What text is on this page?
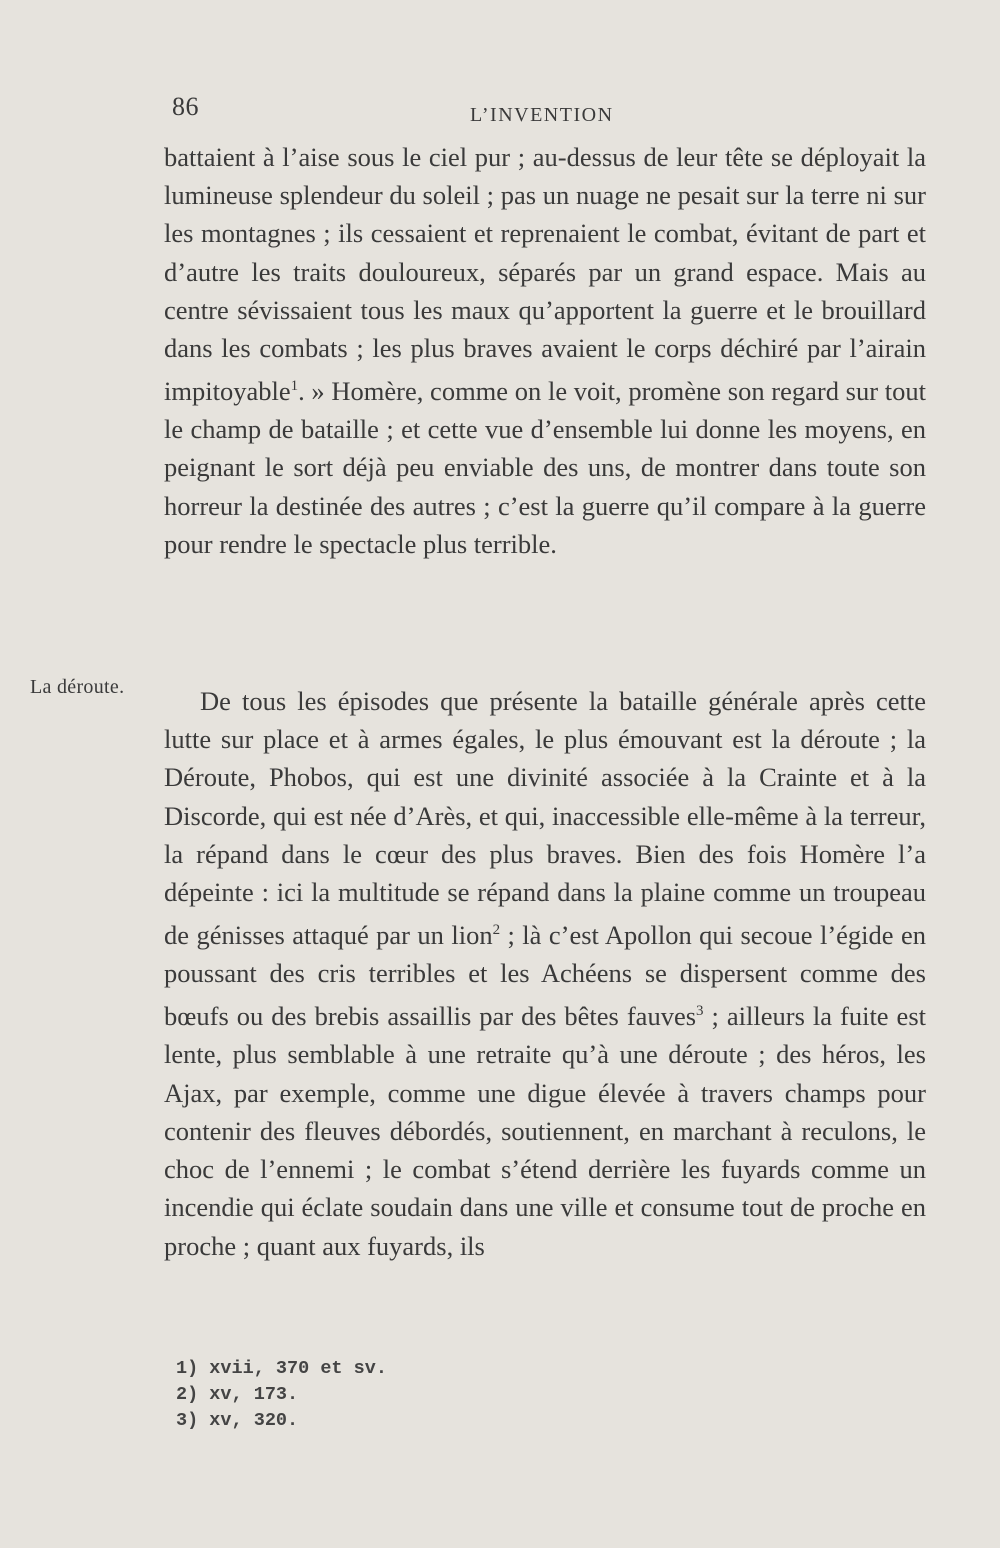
86	L’INVENTION

battaient à l’aise sous le ciel pur ; au-dessus de leur tête se déployait la lumineuse splendeur du soleil ; pas un nuage ne pesait sur la terre ni sur les montagnes ; ils cessaient et reprenaient le combat, évitant de part et d’autre les traits douloureux, séparés par un grand espace. Mais au centre sévissaient tous les maux qu’apportent la guerre et le brouillard dans les combats ; les plus braves avaient le corps déchiré par l’airain impitoyable$^1$. » Homère, comme on le voit, promène son regard sur tout le champ de bataille ; et cette vue d’ensemble lui donne les moyens, en peignant le sort déjà peu enviable des uns, de montrer dans toute son horreur la destinée des autres ; c’est la guerre qu’il compare à la guerre pour rendre le spectacle plus terrible.

La déroute.	De tous les épisodes que présente la bataille générale après cette lutte sur place et à armes égales, le plus émouvant est la déroute ; la Déroute, Phobos, qui est une divinité associée à la Crainte et à la Discorde, qui est née d’Arès, et qui, inaccessible elle-même à la terreur, la répand dans le cœur des plus braves. Bien des fois Homère l’a dépeinte : ici la multitude se répand dans la plaine comme un troupeau de génisses attaqué par un lion$^2$ ; là c’est Apollon qui secoue l’égide en poussant des cris terribles et les Achéens se dispersent comme des bœufs ou des brebis assaillis par des bêtes fauves$^3$ ; ailleurs la fuite est lente, plus semblable à une retraite qu’à une déroute ; des héros, les Ajax, par exemple, comme une digue élevée à travers champs pour contenir des fleuves débordés, soutiennent, en marchant à reculons, le choc de l’ennemi ; le combat s’étend derrière les fuyards comme un incendie qui éclate soudain dans une ville et consume tout de proche en proche ; quant aux fuyards, ils

1) xvii, 370 et sv.
2) xv, 173.
3) xv, 320.
